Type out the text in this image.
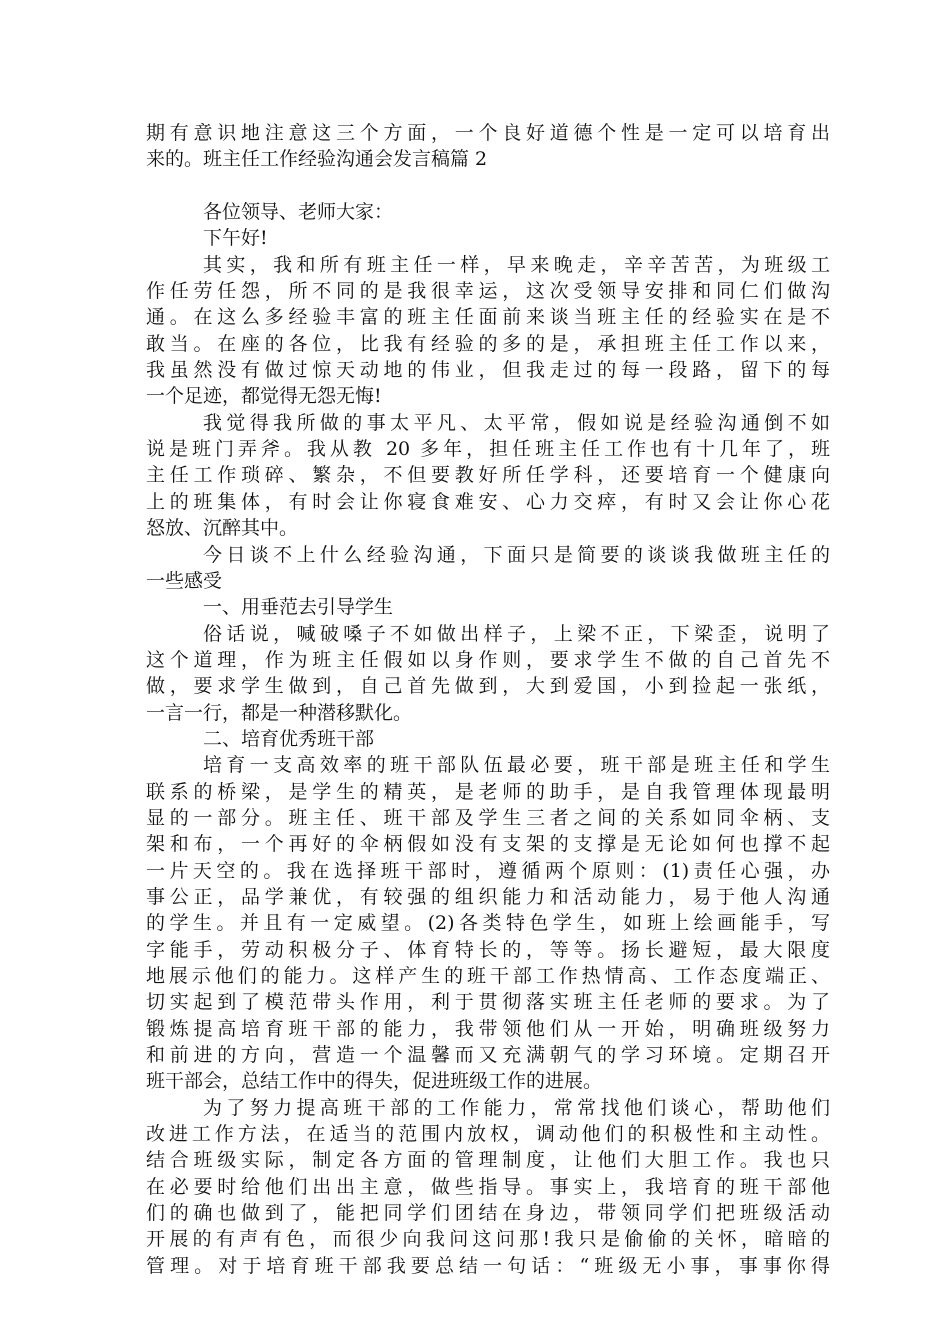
期有意识地注意这三个方面，一个良好道德个性是一定可以培育出
来的。班主任工作经验沟通会发言稿篇 2
各位领导、老师大家：
下午好!
其实，我和所有班主任一样，早来晚走，辛辛苦苦，为班级工
作任劳任怨，所不同的是我很幸运，这次受领导安排和同仁们做沟
通。在这么多经验丰富的班主任面前来谈当班主任的经验实在是不
敢当。在座的各位，比我有经验的多的是，承担班主任工作以来，
我虽然没有做过惊天动地的伟业，但我走过的每一段路，留下的每
一个足迹，都觉得无怨无悔!
我觉得我所做的事太平凡、太平常，假如说是经验沟通倒不如
说是班门弄斧。我从教 20 多年，担任班主任工作也有十几年了，班
主任工作琐碎、繁杂，不但要教好所任学科，还要培育一个健康向
上的班集体，有时会让你寝食难安、心力交瘁，有时又会让你心花
怒放、沉醉其中。
今日谈不上什么经验沟通，下面只是简要的谈谈我做班主任的
一些感受
一、用垂范去引导学生
俗话说，喊破嗓子不如做出样子，上梁不正，下梁歪，说明了
这个道理，作为班主任假如以身作则，要求学生不做的自己首先不
做，要求学生做到，自己首先做到，大到爱国，小到捡起一张纸，
一言一行，都是一种潜移默化。
二、培育优秀班干部
培育一支高效率的班干部队伍最必要，班干部是班主任和学生
联系的桥梁，是学生的精英，是老师的助手，是自我管理体现最明
显的一部分。班主任、班干部及学生三者之间的关系如同伞柄、支
架和布，一个再好的伞柄假如没有支架的支撑是无论如何也撑不起
一片天空的。我在选择班干部时，遵循两个原则：(1)责任心强，办
事公正，品学兼优，有较强的组织能力和活动能力，易于他人沟通
的学生。并且有一定威望。(2)各类特色学生，如班上绘画能手，写
字能手，劳动积极分子、体育特长的，等等。扬长避短，最大限度
地展示他们的能力。这样产生的班干部工作热情高、工作态度端正、
切实起到了模范带头作用，利于贯彻落实班主任老师的要求。为了
锻炼提高培育班干部的能力，我带领他们从一开始，明确班级努力
和前进的方向，营造一个温馨而又充满朝气的学习环境。定期召开
班干部会，总结工作中的得失，促进班级工作的进展。
为了努力提高班干部的工作能力，常常找他们谈心，帮助他们
改进工作方法，在适当的范围内放权，调动他们的积极性和主动性。
结合班级实际，制定各方面的管理制度，让他们大胆工作。我也只
在必要时给他们出出主意，做些指导。事实上，我培育的班干部他
们的确也做到了，能把同学们团结在身边，带领同学们把班级活动
开展的有声有色，而很少向我问这问那!我只是偷偷的关怀，暗暗的
管理。对于培育班干部我要总结一句话：“班级无小事，事事你得
